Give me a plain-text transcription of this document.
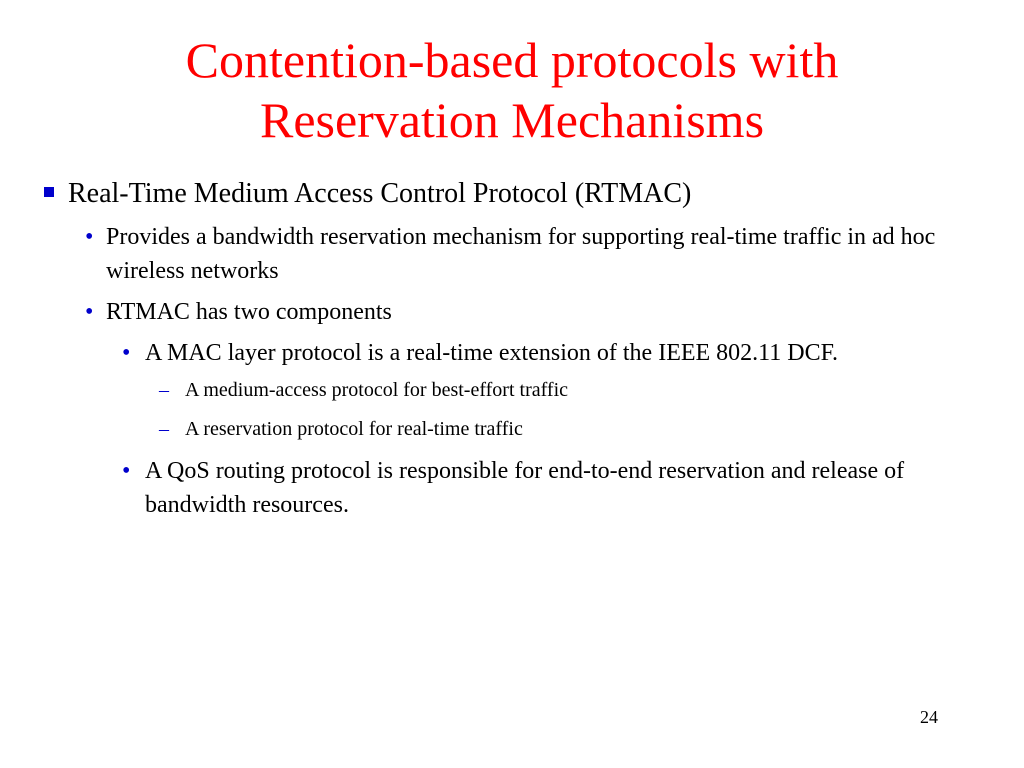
Contention-based protocols with
Reservation Mechanisms
Real-Time Medium Access Control Protocol (RTMAC)
• Provides a bandwidth reservation mechanism for supporting real-time traffic in ad hoc wireless networks
• RTMAC has two components
• A MAC layer protocol is a real-time extension of the IEEE 802.11 DCF.
– A medium-access protocol for best-effort traffic
– A reservation protocol for real-time traffic
• A QoS routing protocol is responsible for end-to-end reservation and release of bandwidth resources.
24
